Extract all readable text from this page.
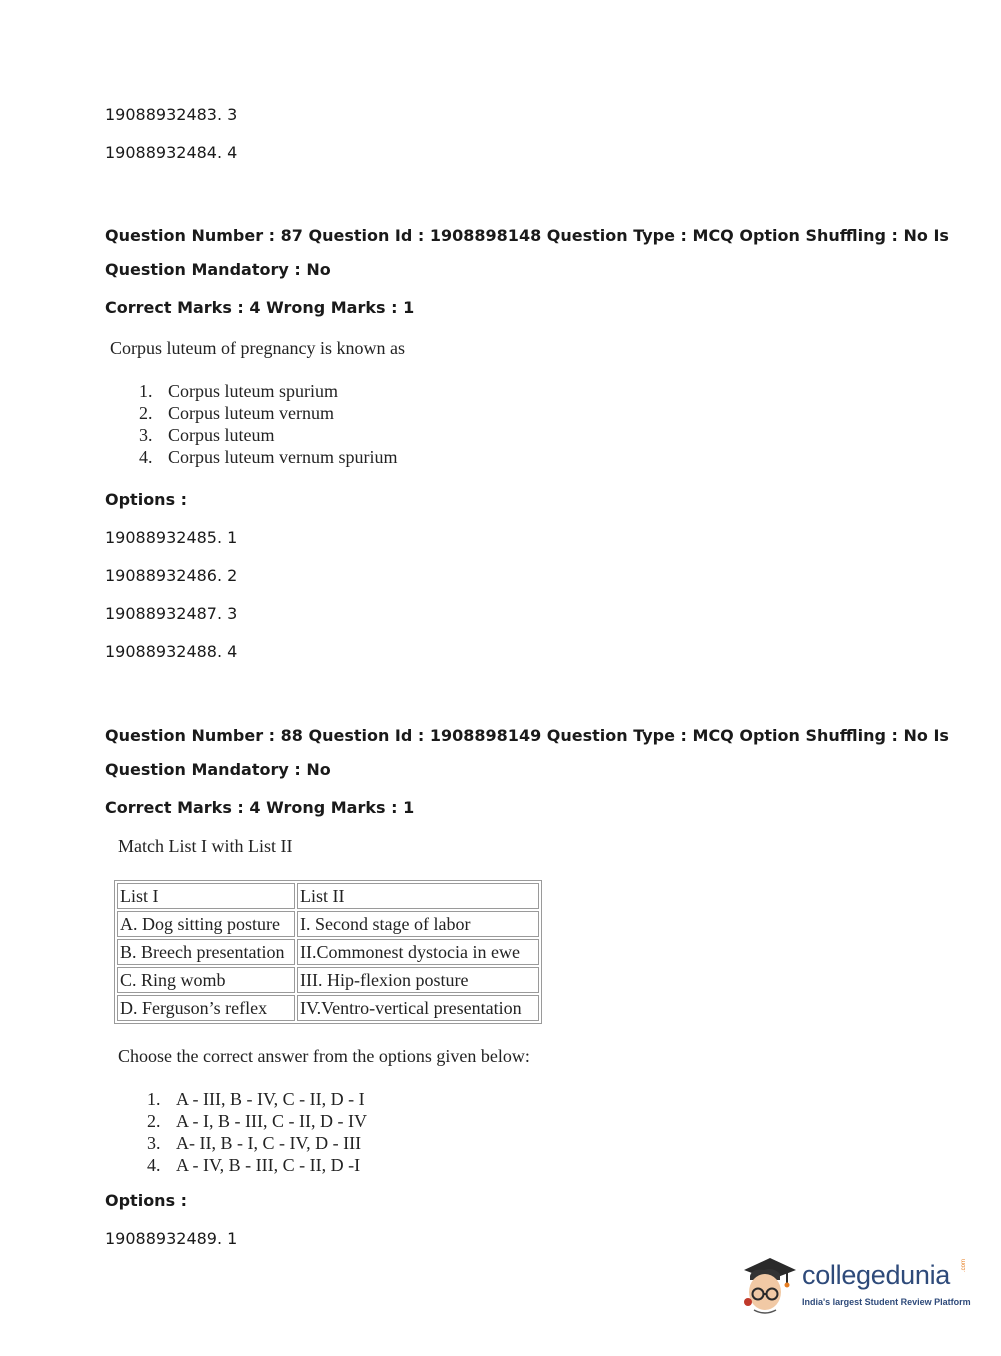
19088932483. 3
19088932484. 4
Question Number : 87 Question Id : 1908898148 Question Type : MCQ Option Shuffling : No Is
Question Mandatory : No
Correct Marks : 4 Wrong Marks : 1
Corpus luteum of pregnancy is known as
1. Corpus luteum spurium
2. Corpus luteum vernum
3. Corpus luteum
4. Corpus luteum vernum spurium
Options :
19088932485. 1
19088932486. 2
19088932487. 3
19088932488. 4
Question Number : 88 Question Id : 1908898149 Question Type : MCQ Option Shuffling : No Is
Question Mandatory : No
Correct Marks : 4 Wrong Marks : 1
Match List I with List II
List I	List II
A. Dog sitting posture	I. Second stage of labor
B. Breech presentation	II.Commonest dystocia in ewe
C. Ring womb	III. Hip-flexion posture
D. Ferguson’s reflex	IV.Ventro-vertical presentation
Choose the correct answer from the options given below:
1. A - III, B - IV, C - II, D - I
2. A - I, B - III, C - II, D - IV
3. A- II, B - I, C - IV, D - III
4. A - IV, B - III, C - II, D -I
Options :
19088932489. 1
collegedunia .com
India's largest Student Review Platform
